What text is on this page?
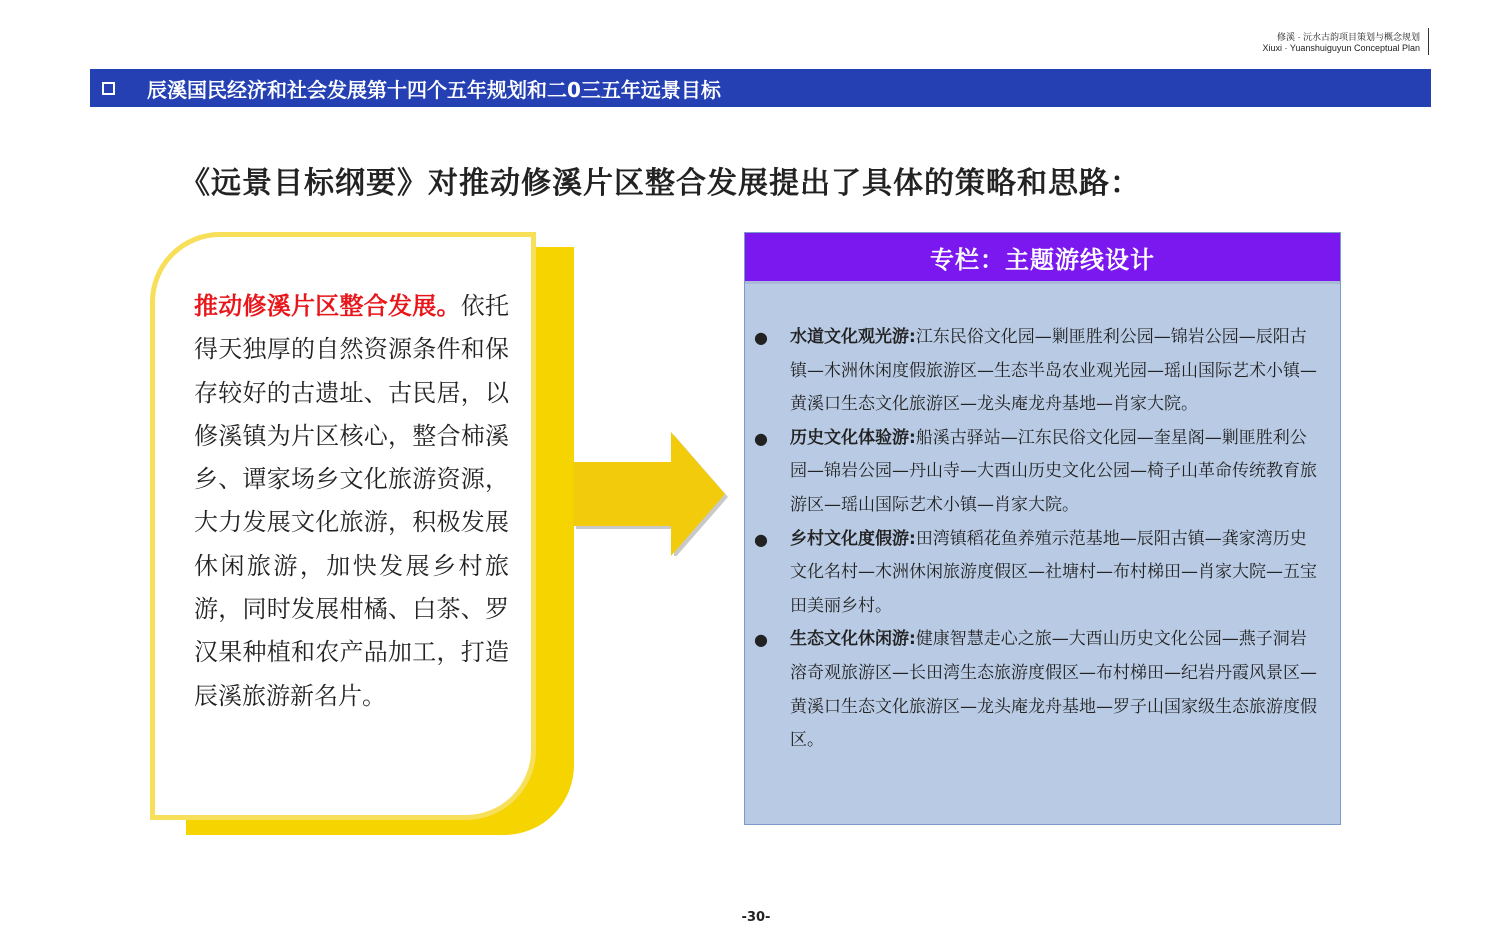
修溪 · 沅水古韵项目策划与概念规划
Xiuxi · Yuanshuiguyun Conceptual Plan
辰溪国民经济和社会发展第十四个五年规划和二0三五年远景目标
《远景目标纲要》对推动修溪片区整合发展提出了具体的策略和思路：
推动修溪片区整合发展。依托得天独厚的自然资源条件和保存较好的古遗址、古民居，以修溪镇为片区核心，整合柿溪乡、谭家场乡文化旅游资源，大力发展文化旅游，积极发展休闲旅游，加快发展乡村旅游，同时发展柑橘、白茶、罗汉果种植和农产品加工，打造辰溪旅游新名片。
专栏：主题游线设计
● 水道文化观光游:江东民俗文化园—剿匪胜利公园—锦岩公园—辰阳古镇—木洲休闲度假旅游区—生态半岛农业观光园—瑶山国际艺术小镇—黄溪口生态文化旅游区—龙头庵龙舟基地—肖家大院。
● 历史文化体验游:船溪古驿站—江东民俗文化园—奎星阁—剿匪胜利公园—锦岩公园—丹山寺—大酉山历史文化公园—椅子山革命传统教育旅游区—瑶山国际艺术小镇—肖家大院。
● 乡村文化度假游:田湾镇稻花鱼养殖示范基地—辰阳古镇—龚家湾历史文化名村—木洲休闲旅游度假区—社塘村—布村梯田—肖家大院—五宝田美丽乡村。
● 生态文化休闲游:健康智慧走心之旅—大酉山历史文化公园—燕子洞岩溶奇观旅游区—长田湾生态旅游度假区—布村梯田—纪岩丹霞风景区—黄溪口生态文化旅游区—龙头庵龙舟基地—罗子山国家级生态旅游度假区。
-30-
